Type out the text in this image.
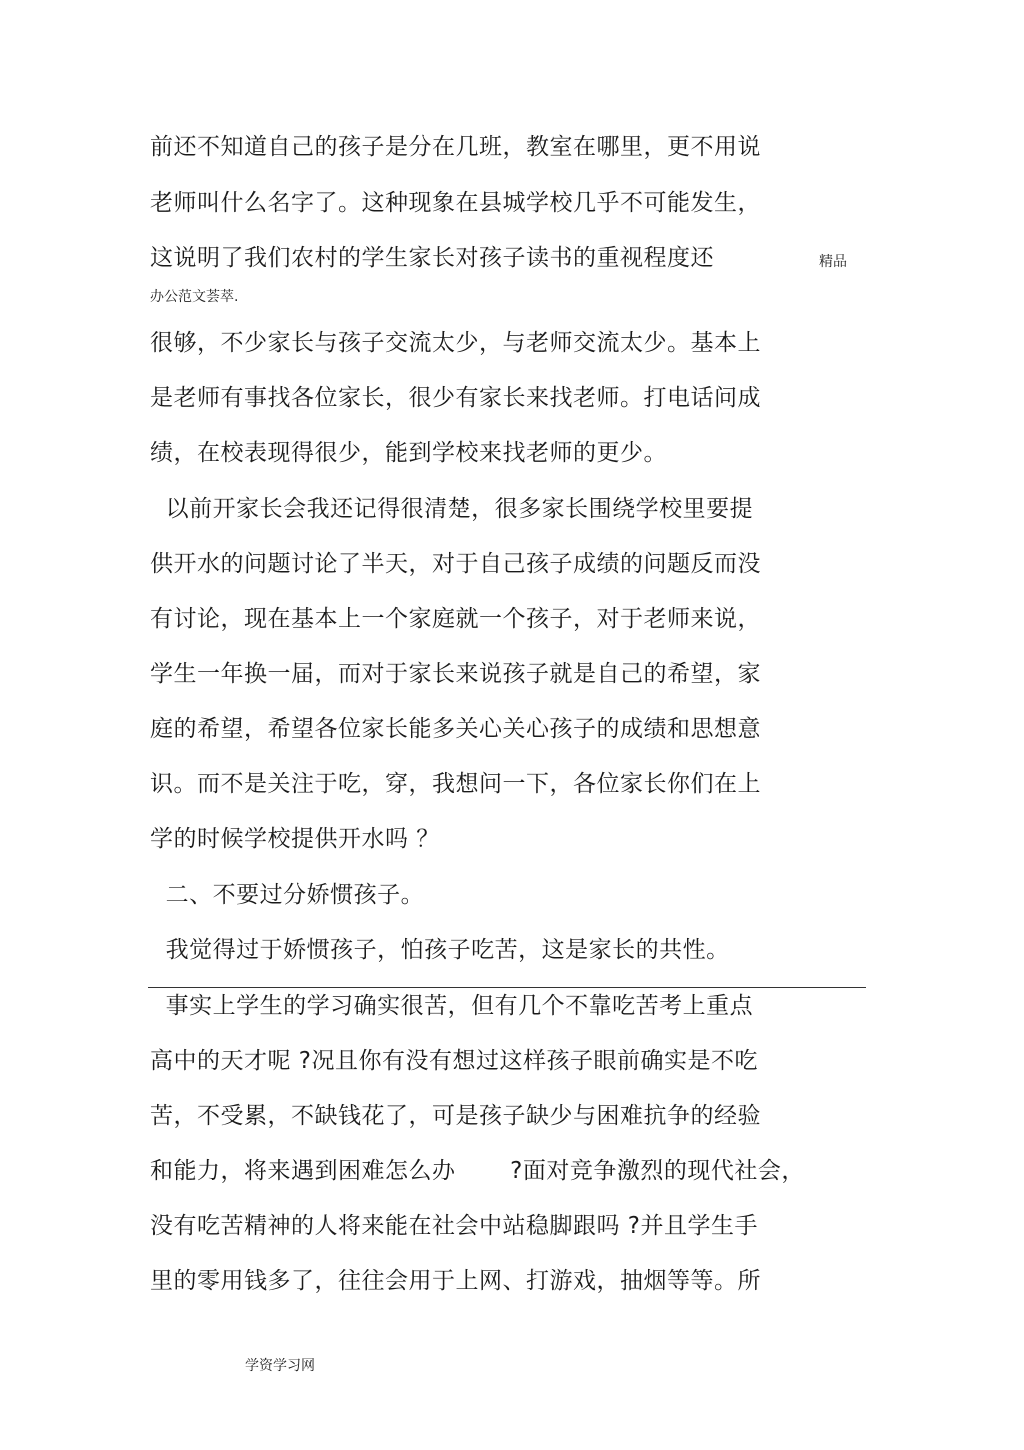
前还不知道自己的孩子是分在几班，教室在哪里，更不用说
老师叫什么名字了。这种现象在县城学校几乎不可能发生，
这说明了我们农村的学生家长对孩子读书的重视程度还	精品
办公范文荟萃.
很够，不少家长与孩子交流太少，与老师交流太少。基本上
是老师有事找各位家长，很少有家长来找老师。打电话问成
绩，在校表现得很少，能到学校来找老师的更少。
以前开家长会我还记得很清楚，很多家长围绕学校里要提
供开水的问题讨论了半天，对于自己孩子成绩的问题反而没
有讨论，现在基本上一个家庭就一个孩子，对于老师来说，
学生一年换一届，而对于家长来说孩子就是自己的希望，家
庭的希望，希望各位家长能多关心关心孩子的成绩和思想意
识。而不是关注于吃，穿，我想问一下，各位家长你们在上
学的时候学校提供开水吗 ？
二、不要过分娇惯孩子。
我觉得过于娇惯孩子，怕孩子吃苦，这是家长的共性。
事实上学生的学习确实很苦，但有几个不靠吃苦考上重点
高中的天才呢 ?况且你有没有想过这样孩子眼前确实是不吃
苦，不受累，不缺钱花了，可是孩子缺少与困难抗争的经验
和能力，将来遇到困难怎么办       ?面对竞争激烈的现代社会，
没有吃苦精神的人将来能在社会中站稳脚跟吗 ?并且学生手
里的零用钱多了，往往会用于上网、打游戏，抽烟等等。所
学资学习网
